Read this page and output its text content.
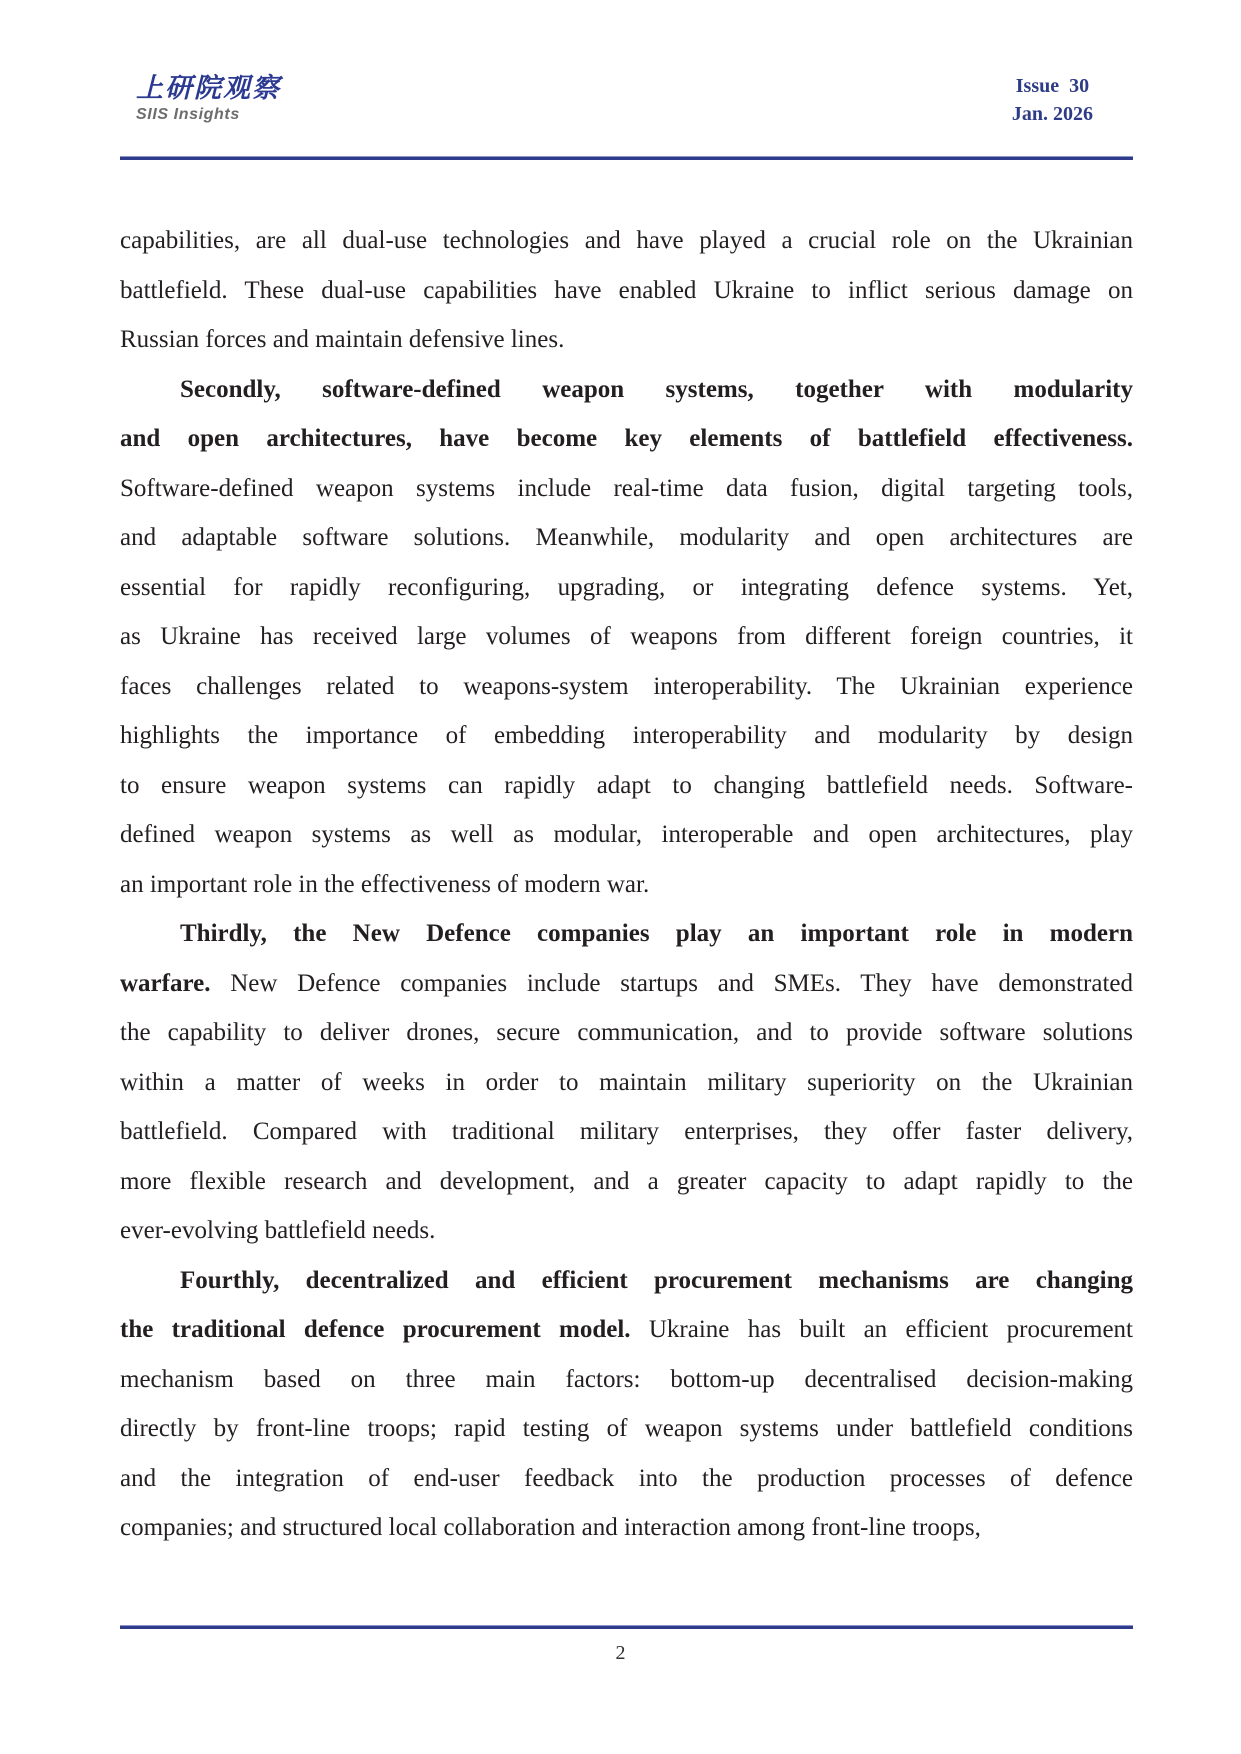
上研院观察
SIIS Insights
Issue  30
Jan. 2026
capabilities, are all dual-use technologies and have played a crucial role on the Ukrainian
battlefield. These dual-use capabilities have enabled Ukraine to inflict serious damage on
Russian forces and maintain defensive lines.
Secondly, software-defined weapon systems, together with modularity
and open architectures, have become key elements of battlefield effectiveness.
Software-defined weapon systems include real-time data fusion, digital targeting tools,
and adaptable software solutions. Meanwhile, modularity and open architectures are
essential for rapidly reconfiguring, upgrading, or integrating defence systems. Yet,
as Ukraine has received large volumes of weapons from different foreign countries, it
faces challenges related to weapons-system interoperability. The Ukrainian experience
highlights the importance of embedding interoperability and modularity by design
to ensure weapon systems can rapidly adapt to changing battlefield needs. Software-
defined weapon systems as well as modular, interoperable and open architectures, play
an important role in the effectiveness of modern war.
Thirdly, the New Defence companies play an important role in modern
warfare. New Defence companies include startups and SMEs. They have demonstrated
the capability to deliver drones, secure communication, and to provide software solutions
within a matter of weeks in order to maintain military superiority on the Ukrainian
battlefield. Compared with traditional military enterprises, they offer faster delivery,
more flexible research and development, and a greater capacity to adapt rapidly to the
ever-evolving battlefield needs.
Fourthly, decentralized and efficient procurement mechanisms are changing
the traditional defence procurement model. Ukraine has built an efficient procurement
mechanism based on three main factors: bottom-up decentralised decision-making
directly by front-line troops; rapid testing of weapon systems under battlefield conditions
and the integration of end-user feedback into the production processes of defence
companies; and structured local collaboration and interaction among front-line troops,
2
